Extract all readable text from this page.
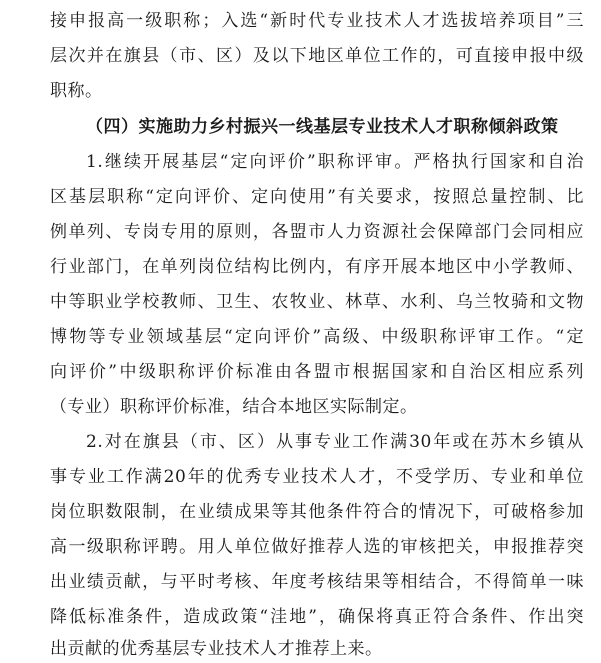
接申报高一级职称；入选“新时代专业技术人才选拔培养项目”三
层次并在旗县（市、区）及以下地区单位工作的，可直接申报中级
职称。
（四）实施助力乡村振兴一线基层专业技术人才职称倾斜政策
1.继续开展基层“定向评价”职称评审。严格执行国家和自治
区基层职称“定向评价、定向使用”有关要求，按照总量控制、比
例单列、专岗专用的原则，各盟市人力资源社会保障部门会同相应
行业部门，在单列岗位结构比例内，有序开展本地区中小学教师、
中等职业学校教师、卫生、农牧业、林草、水利、乌兰牧骑和文物
博物等专业领域基层“定向评价”高级、中级职称评审工作。“定
向评价”中级职称评价标准由各盟市根据国家和自治区相应系列
（专业）职称评价标准，结合本地区实际制定。
2.对在旗县（市、区）从事专业工作满30年或在苏木乡镇从
事专业工作满20年的优秀专业技术人才，不受学历、专业和单位
岗位职数限制，在业绩成果等其他条件符合的情况下，可破格参加
高一级职称评聘。用人单位做好推荐人选的审核把关，申报推荐突
出业绩贡献，与平时考核、年度考核结果等相结合，不得简单一味
降低标准条件，造成政策“洼地”，确保将真正符合条件、作出突
出贡献的优秀基层专业技术人才推荐上来。
